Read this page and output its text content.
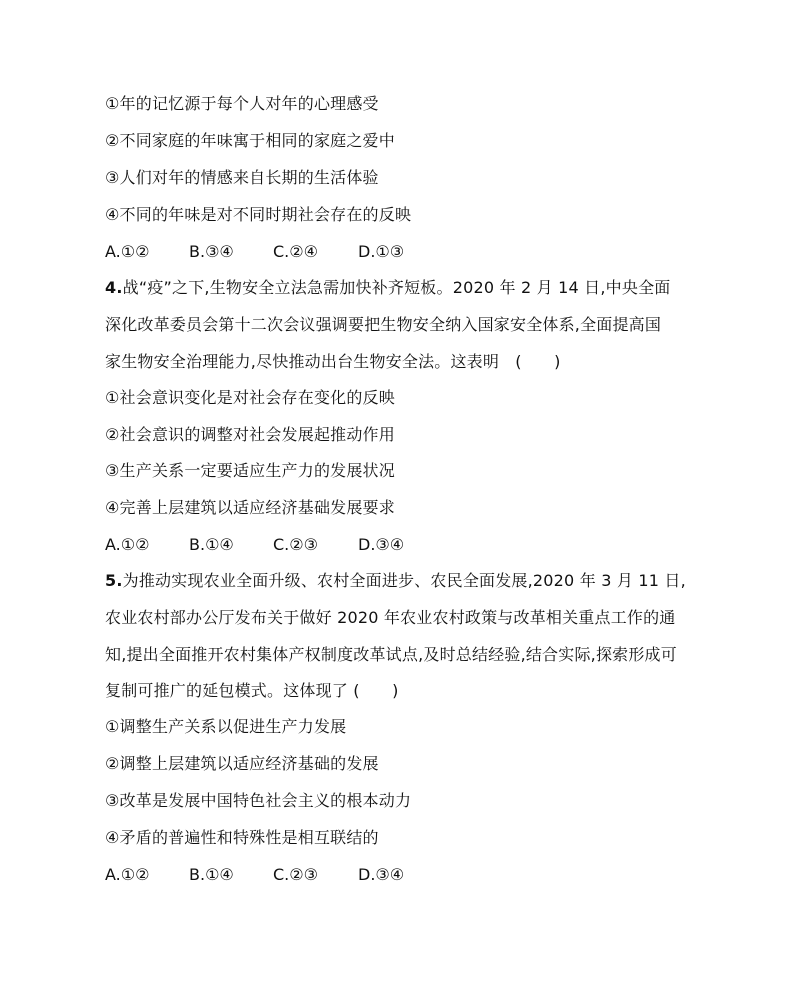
①年的记忆源于每个人对年的心理感受
②不同家庭的年味寓于相同的家庭之爱中
③人们对年的情感来自长期的生活体验
④不同的年味是对不同时期社会存在的反映
A.①② B.③④ C.②④	D.①③
4.战“疫”之下,生物安全立法急需加快补齐短板。2020 年 2 月 14 日,中央全面
深化改革委员会第十二次会议强调要把生物安全纳入国家安全体系,全面提高国
家生物安全治理能力,尽快推动出台生物安全法。这表明　(　　)
①社会意识变化是对社会存在变化的反映
②社会意识的调整对社会发展起推动作用
③生产关系一定要适应生产力的发展状况
④完善上层建筑以适应经济基础发展要求
A.①② B.①④ C.②③	D.③④
5.为推动实现农业全面升级、农村全面进步、农民全面发展,2020 年 3 月 11 日,
农业农村部办公厅发布关于做好 2020 年农业农村政策与改革相关重点工作的通
知,提出全面推开农村集体产权制度改革试点,及时总结经验,结合实际,探索形成可
复制可推广的延包模式。这体现了 (　　)
①调整生产关系以促进生产力发展
②调整上层建筑以适应经济基础的发展
③改革是发展中国特色社会主义的根本动力
④矛盾的普遍性和特殊性是相互联结的
A.①② B.①④ C.②③	D.③④
